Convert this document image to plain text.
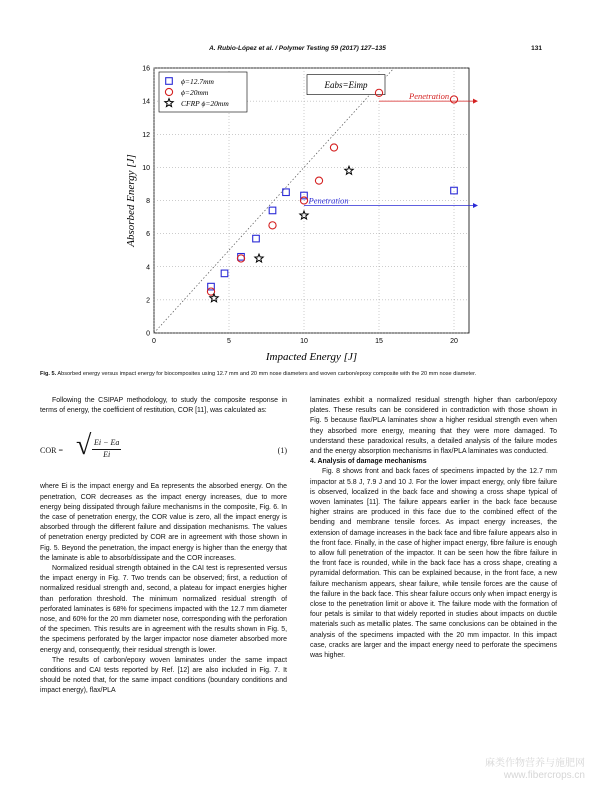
A. Rubio-López et al. / Polymer Testing 59 (2017) 127–135	131
0	5	10	15	20
0
2
4
6
8
10
12
14
16
Penetration
Penetration
Eabs=Eimp
ϕ=12.7mm
ϕ=20mm
CFRP ϕ=20mm
Impacted Energy [J]
Absorbed Energy [J]
Fig. 5. Absorbed energy versus impact energy for biocomposites using 12.7 mm and 20 mm nose diameters and woven carbon/epoxy composite with the 20 mm nose diameter.

Following the CSIPAP methodology, to study the composite response in terms of energy, the coefficient of restitution, COR [11], was calculated as:

COR = √ $\frac{Ei - Ea}{Ei}$	(1)

where Ei is the impact energy and Ea represents the absorbed energy. On the penetration, COR decreases as the impact energy increases, due to more energy being dissipated through failure mechanisms in the composite, Fig. 6. In the case of penetration energy, the COR value is zero, all the impact energy is absorbed through the different failure and dissipation mechanisms. The values of penetration energy predicted by COR are in agreement with those shown in Fig. 5. Beyond the penetration, the impact energy is higher than the energy that the laminate is able to absorb/dissipate and the COR increases.

Normalized residual strength obtained in the CAI test is represented versus the impact energy in Fig. 7. Two trends can be observed; first, a reduction of normalized residual strength and, second, a plateau for impact energies higher than perforation threshold. The minimum normalized residual strength of perforated laminates is 68% for specimens impacted with the 12.7 mm diameter nose, and 60% for the 20 mm diameter nose, corresponding with the perforation of the specimen. This results are in agreement with the results shown in Fig. 5, the specimens perforated by the larger impactor nose diameter absorbed more energy and, consequently, their residual strength is lower.

The results of carbon/epoxy woven laminates under the same impact conditions and CAI tests reported by Ref. [12] are also included in Fig. 7. It should be noted that, for the same impact conditions (boundary conditions and impact energy), flax/PLA

laminates exhibit a normalized residual strength higher than carbon/epoxy plates. These results can be considered in contradiction with those shown in Fig. 5 because flax/PLA laminates show a higher residual strength even when they absorbed more energy, meaning that they were more damaged. To understand these paradoxical results, a detailed analysis of the failure modes and the energy absorption mechanisms in flax/PLA laminates was conducted.

4. Analysis of damage mechanisms

Fig. 8 shows front and back faces of specimens impacted by the 12.7 mm impactor at 5.8 J, 7.9 J and 10 J. For the lower impact energy, only fibre failure is observed, localized in the back face and showing a cross shape typical of woven laminates [11]. The failure appears earlier in the back face because higher strains are produced in this face due to the combined effect of the bending and membrane tensile forces. As impact energy increases, the extension of damage increases in the back face and fibre failure appears also in the front face. Finally, in the case of higher impact energy, fibre failure is enough to allow full penetration of the impactor. It can be seen how the fibre failure in the front face is rounded, while in the back face has a cross shape, creating a pyramidal deformation. This can be explained because, in the front face, a new failure mechanism appears, shear failure, while tensile forces are the cause of the failure in the back face. This shear failure occurs only when impact energy is close to the penetration limit or above it. The failure mode with the formation of four petals is similar to that widely reported in studies about impacts on ductile materials such as metallic plates. The same conclusions can be obtained in the analysis of the specimens impacted with the 20 mm impactor. In this impact case, cracks are larger and the impact energy need to perforate the specimens was higher.

麻类作物营养与施肥网
www.fibercrops.cn
